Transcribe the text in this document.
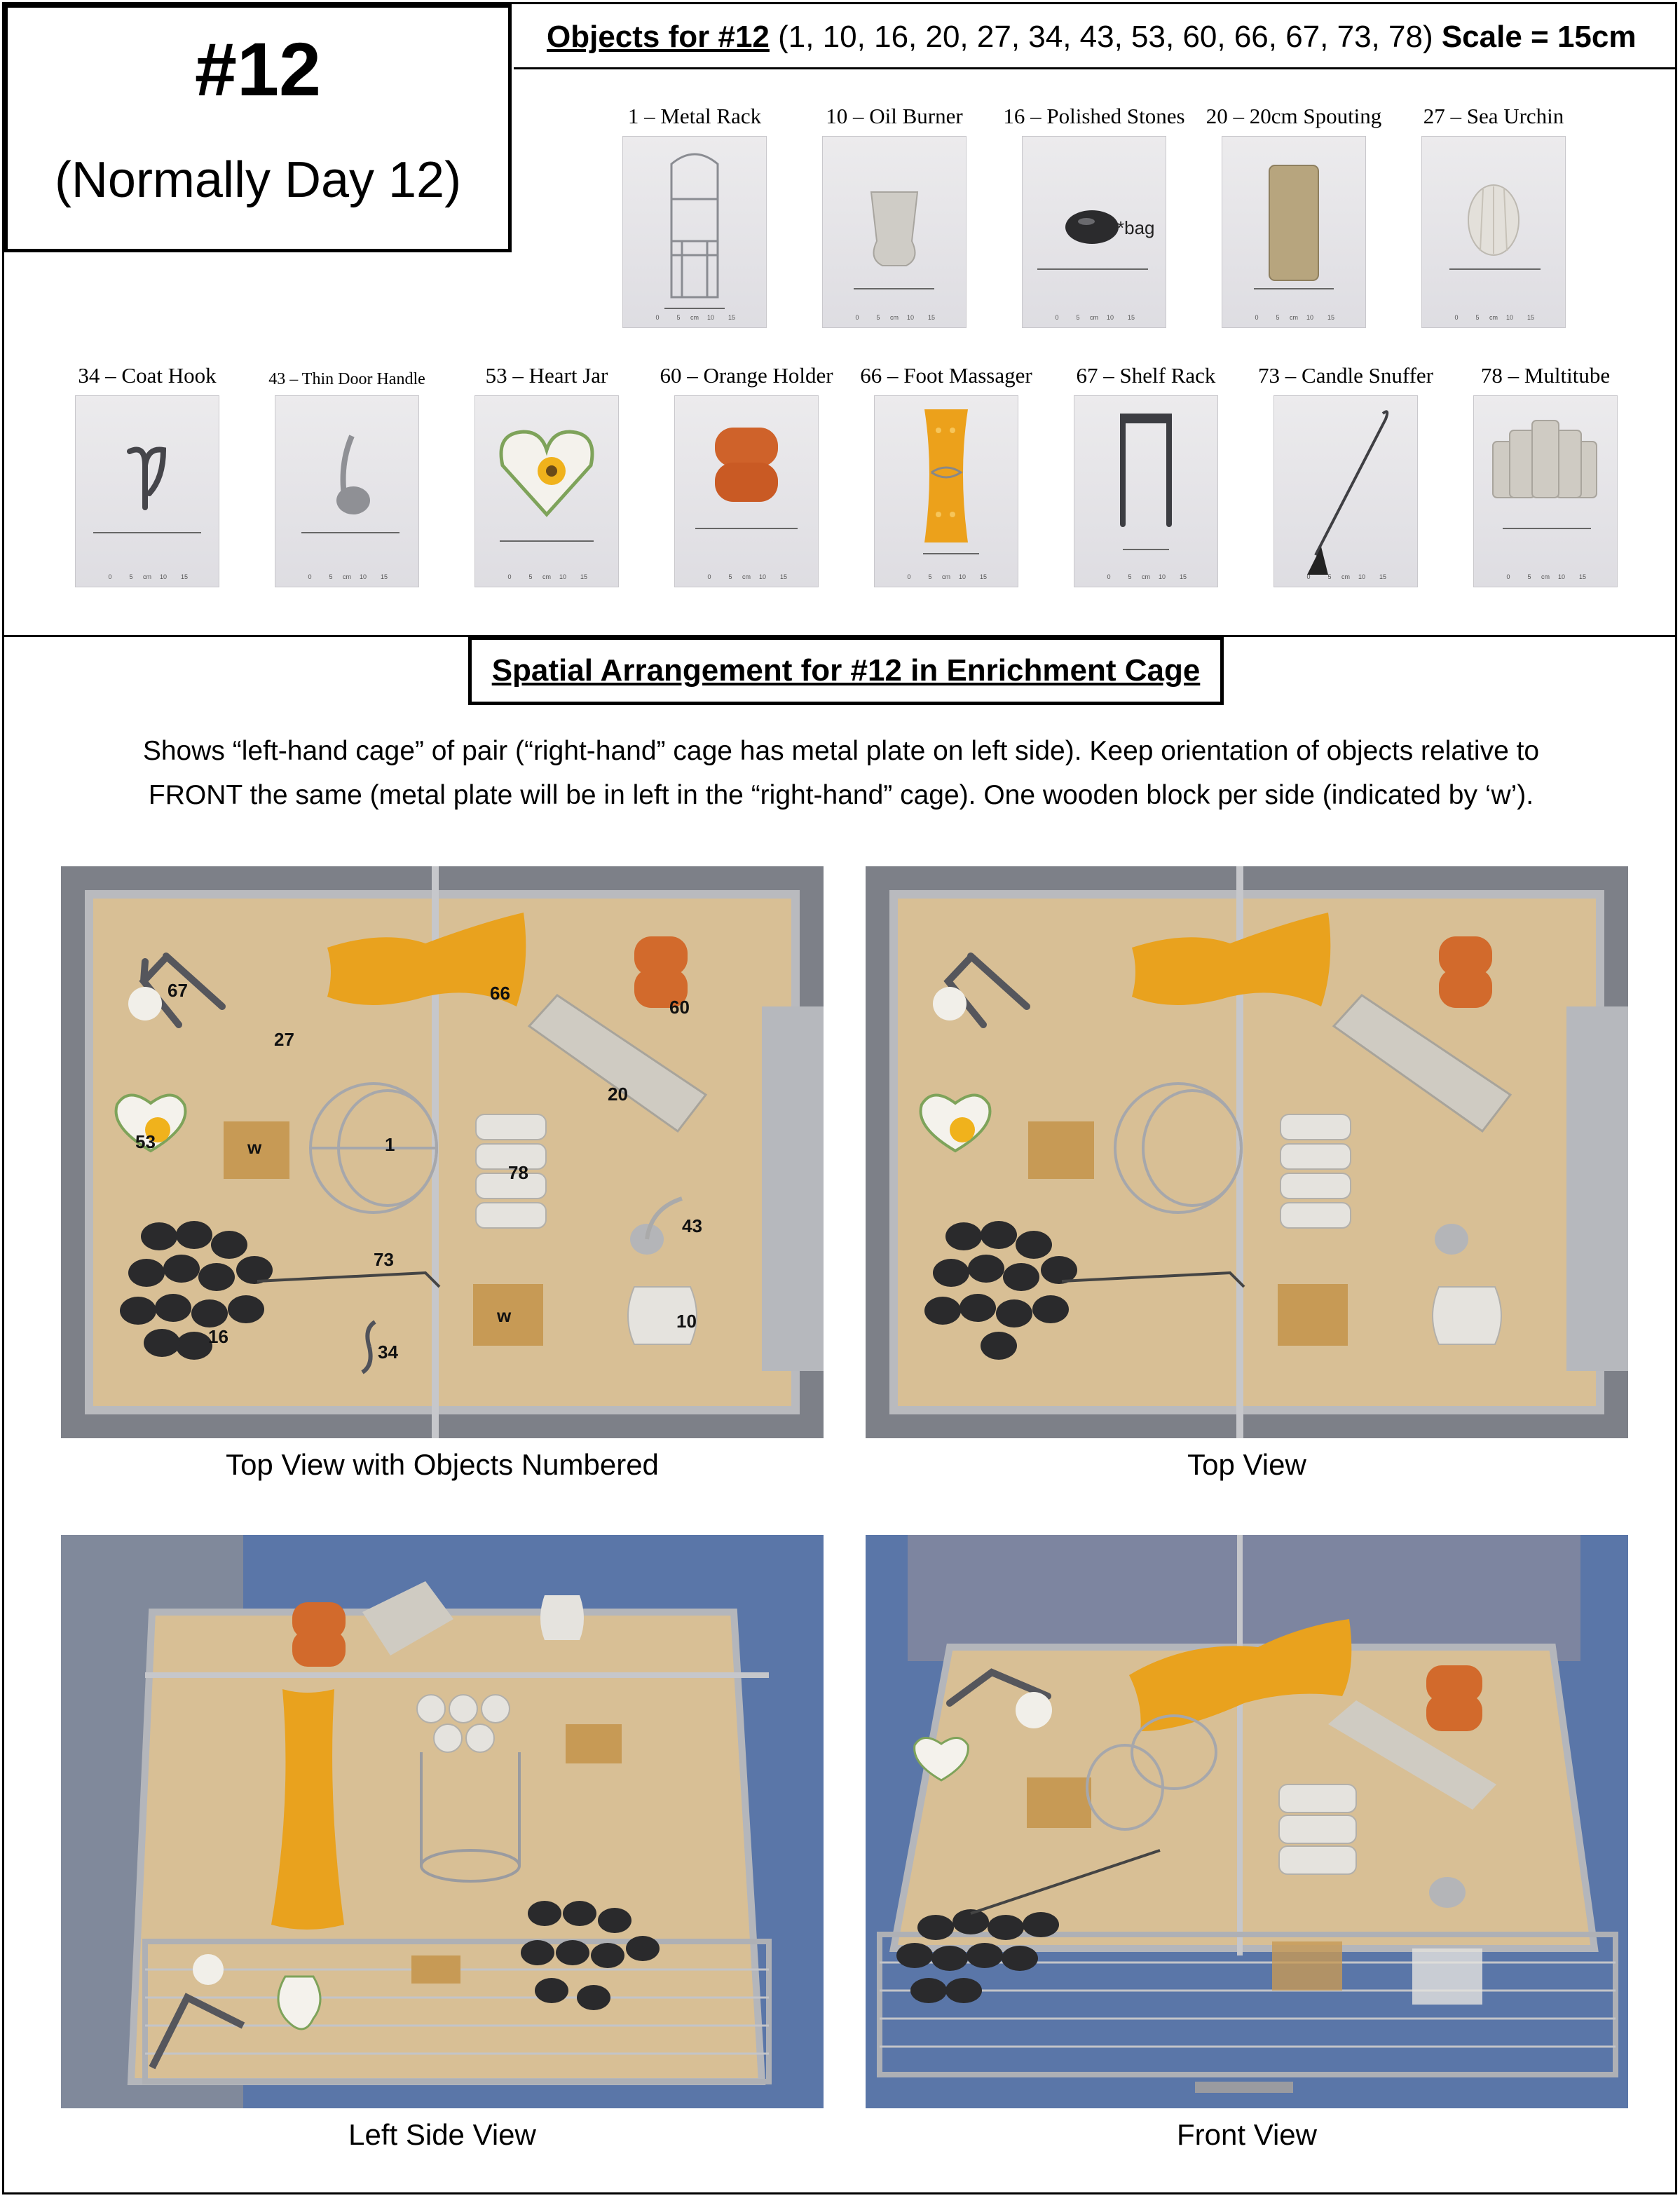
#12
(Normally Day 12)
Objects for #12 (1, 10, 16, 20, 27, 34, 43, 53, 60, 66, 67, 73, 78) Scale = 15cm
1 – Metal Rack
0	5 cm 10 15
10 – Oil Burner
0	5 cm 10 15
16 – Polished Stones
*bag
0	5 cm 10 15
20 – 20cm Spouting
0	5 cm 10 15
27 – Sea Urchin
0	5 cm 10 15
34 – Coat Hook
0	5 cm 10 15
43 – Thin Door Handle
0	5 cm 10 15
53 – Heart Jar
0	5 cm 10 15
60 – Orange Holder
0	5 cm 10 15
66 – Foot Massager
0	5 cm 10 15
67 – Shelf Rack
0	5 cm 10 15
73 – Candle Snuffer
0	5 cm 10 15
78 – Multitube
0	5 cm 10 15
Spatial Arrangement for #12 in Enrichment Cage
Shows “left-hand cage” of pair (“right-hand” cage has metal plate on left side). Keep orientation of objects relative to
FRONT the same (metal plate will be in left in the “right-hand” cage). One wooden block per side (indicated by ‘w’).
67
27
66
60
20
53	w	1
78
43
73
16
34
w	10
Top View with Objects Numbered	Top View
Left Side View	Front View
